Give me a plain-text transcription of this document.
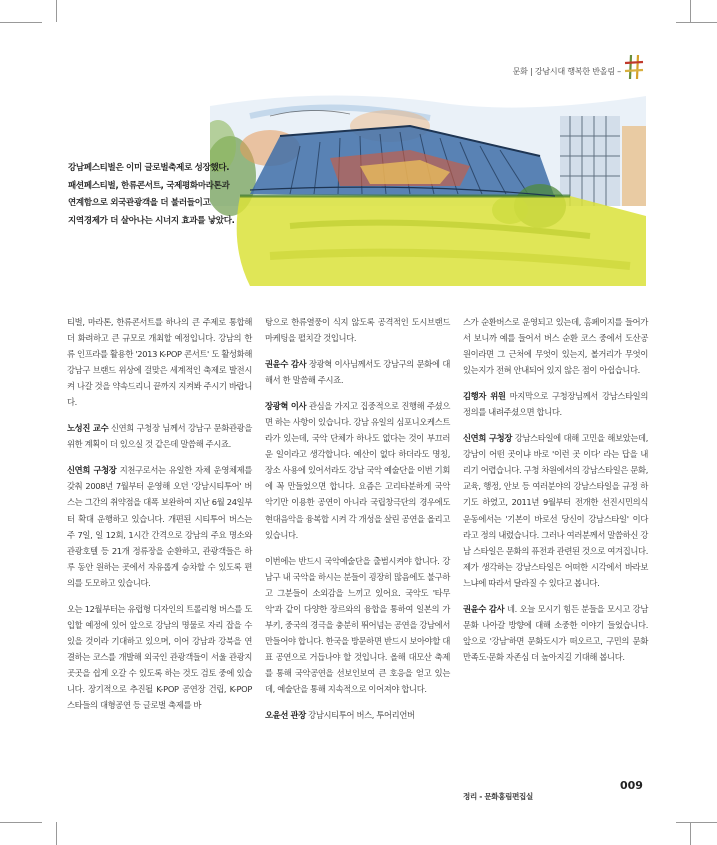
문화 | 강남시대 행복한 반올림 –
강남페스티벌은 이미 글로벌축제로 성장했다.
패션페스티벌, 한류콘서트, 국제평화마라톤과
연계함으로 외국관광객을 더 불러들이고
지역경제가 더 살아나는 시너지 효과를 낳았다.

티벌, 마라톤, 한류콘서트를 하나의 큰 주제로 통합해 더 화려하고 큰 규모로 개최할 예정입니다. 강남의 한류 인프라를 활용한 '2013 K-POP 콘서트' 도 활성화해 강남구 브랜드 위상에 걸맞은 세계적인 축제로 발전시켜 나갈 것을 약속드리니 끝까지 지켜봐 주시기 바랍니다.

노성진 교수 신연희 구청장 님께서 강남구 문화관광을 위한 계획이 더 있으실 것 같은데 말씀해 주시죠.

신연희 구청장 지천구로서는 유일한 자체 운영체제를 갖춰 2008년 7월부터 운영해 오던 '강남시티투어' 버스는 그간의 취약점을 대폭 보완하여 지난 6월 24일부터 확대 운행하고 있습니다. 개편된 시티투어 버스는 주 7일, 일 12회, 1시간 간격으로 강남의 주요 명소와 관광호텔 등 21개 정류장을 순환하고, 관광객들은 하루 동안 원하는 곳에서 자유롭게 승차할 수 있도록 편의를 도모하고 있습니다.

오는 12월부터는 유럽형 디자인의 트롤리형 버스를 도입할 예정에 있어 앞으로 강남의 명물로 자리 잡을 수 있을 것이라 기대하고 있으며, 이어 강남과 강북을 연결하는 코스를 개발해 외국인 관광객들이 서울 관광지 곳곳을 쉽게 오갈 수 있도록 하는 것도 검토 중에 있습니다. 장기적으로 추진될 K-POP 공연장 건립, K-POP 스타들의 대형공연 등 글로벌 축제를 바

탕으로 한류열풍이 식지 않도록 공격적인 도시브랜드 마케팅을 펼치갈 것입니다.

권윤수 감사 장광혁 이사님께서도 강남구의 문화에 대해서 한 말씀해 주시죠.

장광혁 이사 관심을 가지고 집중적으로 진행해 주셨으면 하는 사항이 있습니다. 강남 유일의 심포니오케스트라가 있는데, 국악 단체가 하나도 없다는 것이 부끄러운 일이라고 생각합니다. 예산이 없다 하더라도 명칭, 장소 사용에 있어서라도 강남 국악 예술단을 이번 기회에 꼭 만들었으면 합니다. 요즘은 고리타분하게 국악 악기만 이용한 공연이 아니라 국립창극단의 경우에도 현대음악을 융복합 시켜 각 개성을 살린 공연을 올리고 있습니다.

이번에는 반드시 국악예술단을 출범시켜야 합니다. 강남구 내 국악을 하시는 분들이 굉장히 많음에도 불구하고 그분들이 소외감을 느끼고 있어요. 국악도 '타무악'과 같이 다양한 장르와의 융합을 통하여 일본의 가부키, 중국의 경극을 충분히 뛰어넘는 공연을 강남에서 만들어야 합니다. 한국을 방문하면 반드시 보아야할 대표 공연으로 거듭나야 할 것입니다. 올해 대모산 축제를 통해 국악공연을 선보인보여 큰 호응을 얻고 있는데, 예술단을 통해 지속적으로 이어져야 합니다.

오윤선 관장 강남시티투어 버스, 투어리언버

스가 순환버스로 운영되고 있는데, 홈페이지를 들어가서 보니까 예를 들어서 버스 순환 코스 중에서 도산공원이라면 그 근처에 무엇이 있는지, 볼거리가 무엇이 있는지가 전혀 안내되어 있지 않은 점이 아쉽습니다.

김행자 위원 마지막으로 구청장님께서 강남스타일의 정의를 내려주셨으면 합니다.

신연희 구청장 강남스타일에 대해 고민을 해보았는데, 강남이 어떤 곳이냐 바로 '이런 곳 이다' 라는 답을 내리기 어렵습니다. 구청 차원에서의 강남스타일은 문화, 교육, 행정, 안보 등 여러분야의 강남스타일을 규정 하기도 하였고, 2011년 9월부터 전개한 선진시민의식 운동에서는 '기본이 바로선 당신이 강남스타일' 이다 라고 정의 내렸습니다. 그러나 여러분께서 말씀하신 강남 스타일은 문화의 퓨전과 관련된 것으로 여겨집니다. 제가 생각하는 강남스타일은 어떠한 시각에서 바라보느냐에 따라서 달라질 수 있다고 봅니다.

권윤수 감사 네. 오늘 모시기 힘든 분들을 모시고 강남 문화 나아갈 방향에 대해 소중한 이야기 들었습니다. 앞으로 '강남'하면 문화도시가 떠오르고, 구민의 문화 만족도·문화 자존심 더 높아지길 기대해 봅니다.

정리 - 문화홍림편집실
009
